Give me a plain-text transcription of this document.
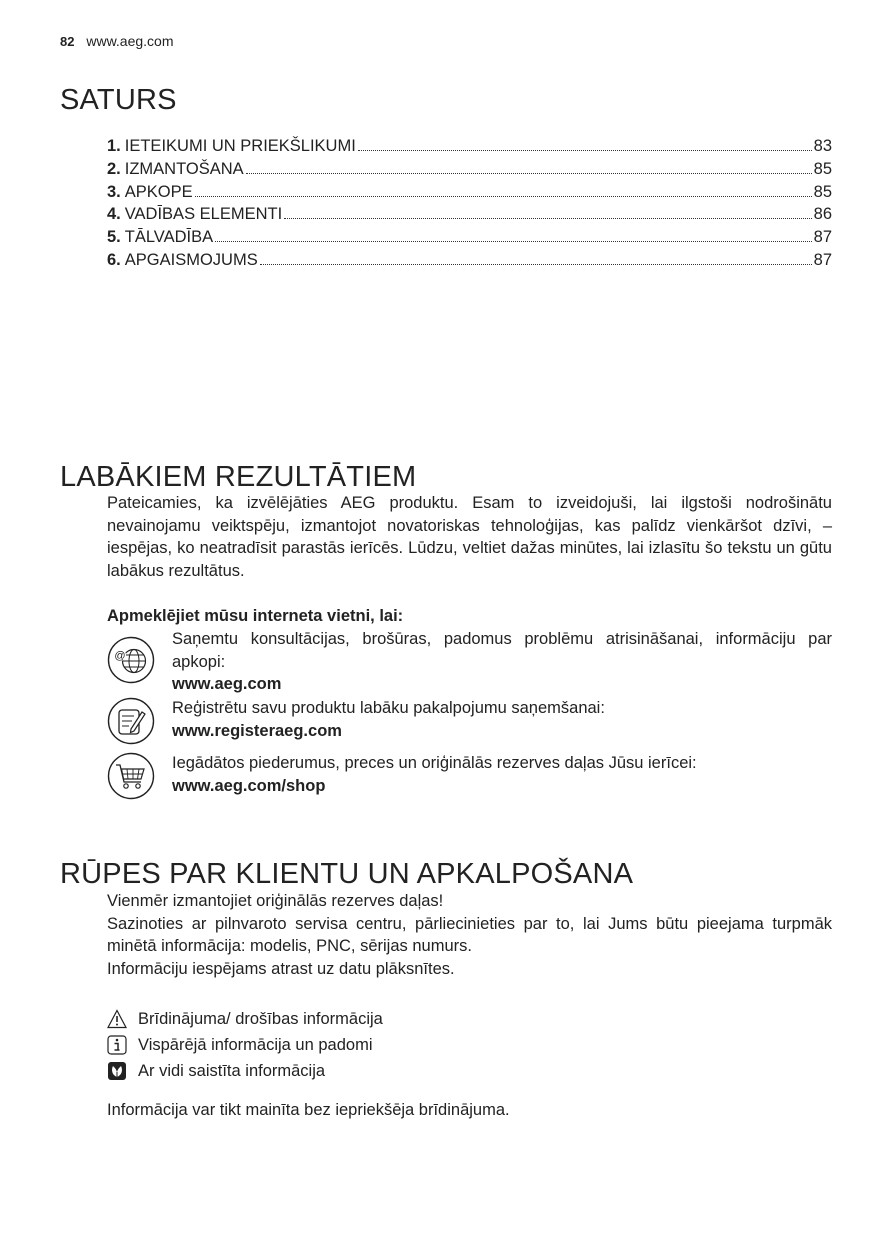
82 www.aeg.com
SATURS
1. IETEIKUMI UN PRIEKŠLIKUMI	83
2. IZMANTOŠANA	85
3. APKOPE	85
4. VADĪBAS ELEMENTI	86
5. TĀLVADĪBA	87
6. APGAISMOJUMS	87
LABĀKIEM REZULTĀTIEM
Pateicamies, ka izvēlējāties AEG produktu. Esam to izveidojuši, lai ilgstoši nodrošinātu nevainojamu veiktspēju, izmantojot novatoriskas tehnoloģijas, kas palīdz vienkāršot dzīvi, – iespējas, ko neatradīsit parastās ierīcēs. Lūdzu, veltiet dažas minūtes, lai izlasītu šo tekstu un gūtu labākus rezultātus.
Apmeklējiet mūsu interneta vietni, lai:
@
Saņemtu konsultācijas, brošūras, padomus problēmu atrisināšanai, informāciju par apkopi:
www.aeg.com
Reģistrētu savu produktu labāku pakalpojumu saņemšanai:
www.registeraeg.com
Iegādātos piederumus, preces un oriģinālās rezerves daļas Jūsu ierīcei:
www.aeg.com/shop
RŪPES PAR KLIENTU UN APKALPOŠANA
Vienmēr izmantojiet oriģinālās rezerves daļas!
Sazinoties ar pilnvaroto servisa centru, pārliecinieties par to, lai Jums būtu pieejama turpmāk minētā informācija: modelis, PNC, sērijas numurs.
Informāciju iespējams atrast uz datu plāksnītes.
Brīdinājuma/ drošības informācija
Vispārējā informācija un padomi
Ar vidi saistīta informācija
Informācija var tikt mainīta bez iepriekšēja brīdinājuma.
